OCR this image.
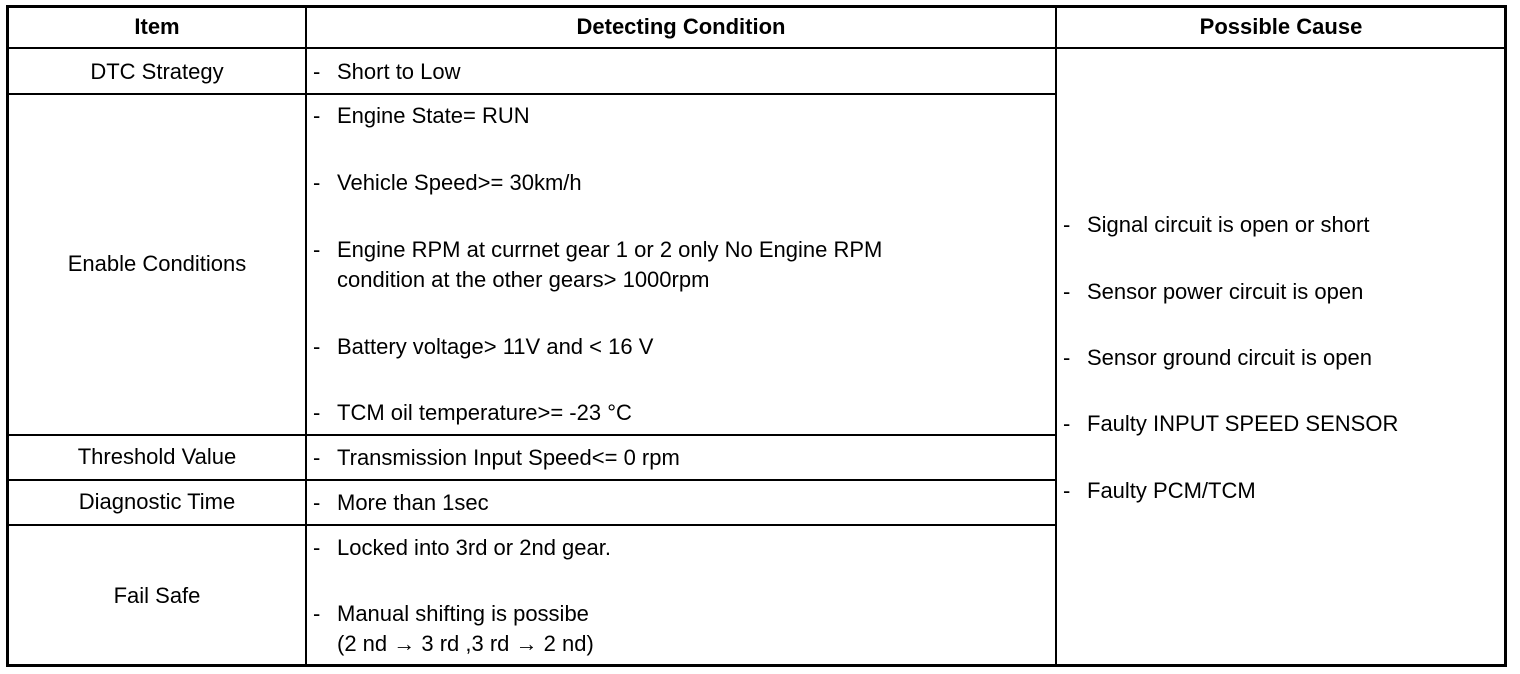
Item	Detecting Condition	Possible Cause
DTC Strategy
Enable Conditions
Threshold Value
Diagnostic Time
Fail Safe
- Short to Low
- Engine State= RUN
- Vehicle Speed>= 30km/h
- Engine RPM at currnet gear 1 or 2 only No Engine RPM
condition at the other gears> 1000rpm
- Battery voltage> 11V and < 16 V
- TCM oil temperature>= -23 °C
- Transmission Input Speed<= 0 rpm
- More than 1sec
- Locked into 3rd or 2nd gear.
- Manual shifting is possibe
(2 nd → 3 rd ,3 rd → 2 nd)
- Signal circuit is open or short
- Sensor power circuit is open
- Sensor ground circuit is open
- Faulty INPUT SPEED SENSOR
- Faulty PCM/TCM
